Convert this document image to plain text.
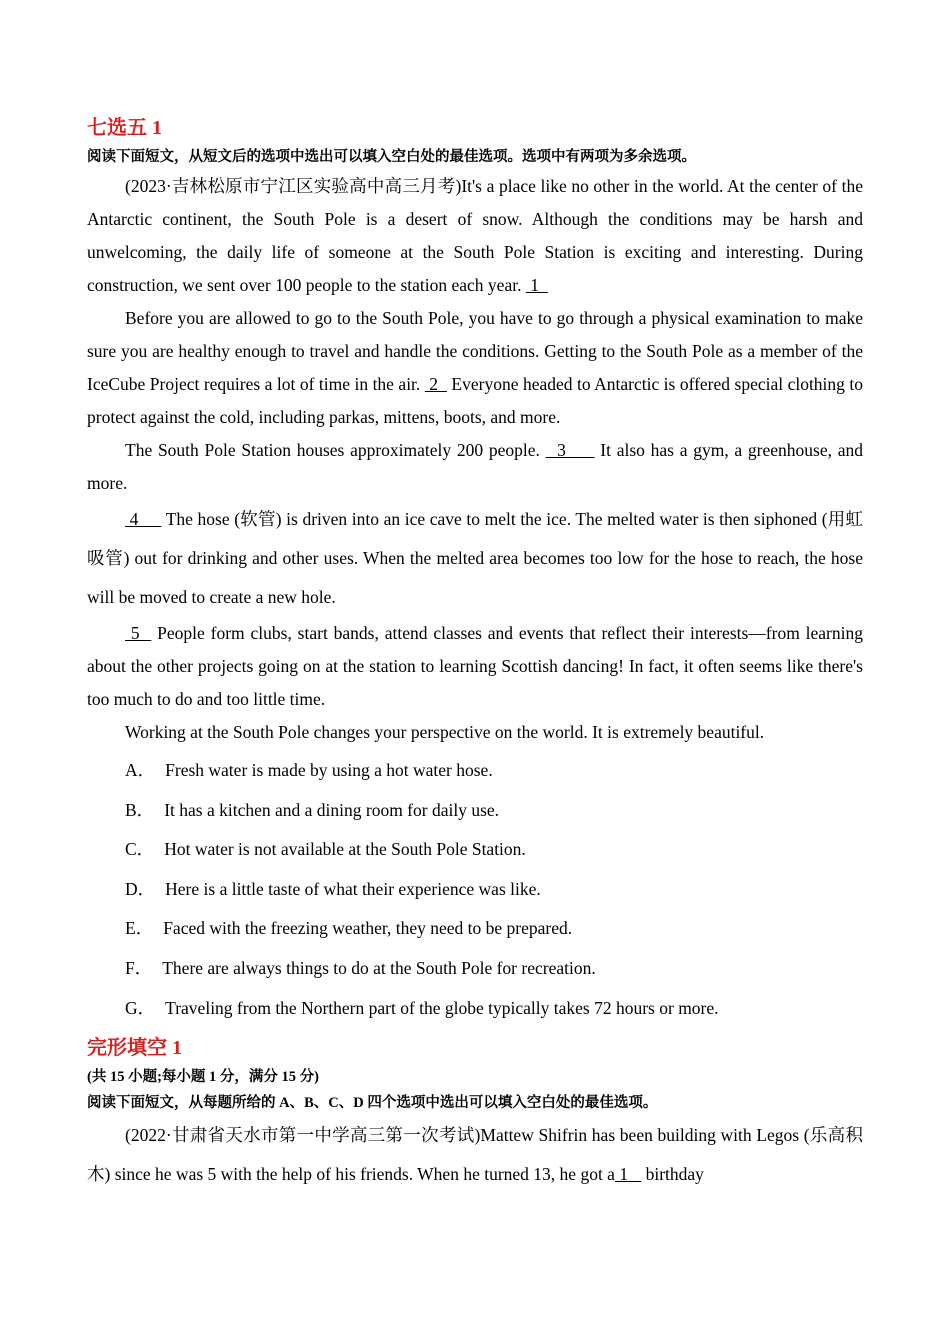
七选五 1

阅读下面短文，从短文后的选项中选出可以填入空白处的最佳选项。选项中有两项为多余选项。

(2023·吉林松原市宁江区实验高中高三月考)It's a place like no other in the world. At the center of the Antarctic continent, the South Pole is a desert of snow. Although the conditions may be harsh and unwelcoming, the daily life of someone at the South Pole Station is exciting and interesting. During construction, we sent over 100 people to the station each year.  1

Before you are allowed to go to the South Pole, you have to go through a physical examination to make sure you are healthy enough to travel and handle the conditions. Getting to the South Pole as a member of the IceCube Project requires a lot of time in the air.  2   Everyone headed to Antarctic is offered special clothing to protect against the cold, including parkas, mittens, boots, and more.

The South Pole Station houses approximately 200 people.   3      It also has a gym, a greenhouse, and more.

4      The hose (软管) is driven into an ice cave to melt the ice. The melted water is then siphoned (用虹吸管) out for drinking and other uses. When the melted area becomes too low for the hose to reach, the hose will be moved to create a new hole.

5   People form clubs, start bands, attend classes and events that reflect their interests—from learning about the other projects going on at the station to learning Scottish dancing! In fact, it often seems like there's too much to do and too little time.

Working at the South Pole changes your perspective on the world. It is extremely beautiful.

A． Fresh water is made by using a hot water hose.
B． It has a kitchen and a dining room for daily use.
C． Hot water is not available at the South Pole Station.
D． Here is a little taste of what their experience was like.
E． Faced with the freezing weather, they need to be prepared.
F． There are always things to do at the South Pole for recreation.
G． Traveling from the Northern part of the globe typically takes 72 hours or more.
完形填空 1

(共 15 小题;每小题 1 分，满分 15 分)

阅读下面短文，从每题所给的 A、B、C、D 四个选项中选出可以填入空白处的最佳选项。

(2022·甘肃省天水市第一中学高三第一次考试)Mattew Shifrin has been building with Legos (乐高积木) since he was 5 with the help of his friends. When he turned 13, he got a 1    birthday
